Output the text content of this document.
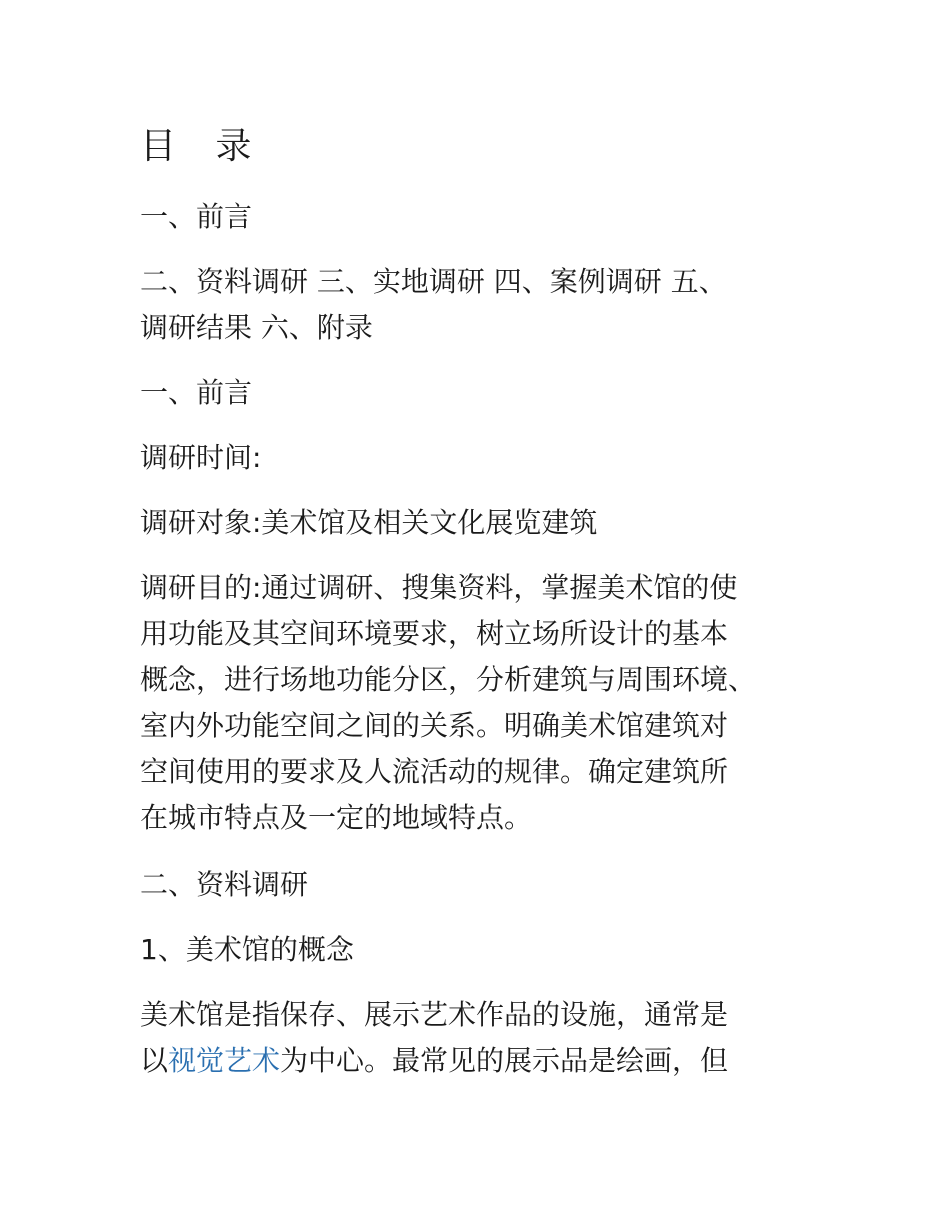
目 录

一、前言

二、资料调研 三、实地调研 四、案例调研 五、
调研结果 六、附录

一、前言

调研时间:

调研对象:美术馆及相关文化展览建筑

调研目的:通过调研、搜集资料，掌握美术馆的使
用功能及其空间环境要求，树立场所设计的基本
概念，进行场地功能分区，分析建筑与周围环境、
室内外功能空间之间的关系。明确美术馆建筑对
空间使用的要求及人流活动的规律。确定建筑所
在城市特点及一定的地域特点。

二、资料调研

1、美术馆的概念

美术馆是指保存、展示艺术作品的设施，通常是
以视觉艺术为中心。最常见的展示品是绘画，但
